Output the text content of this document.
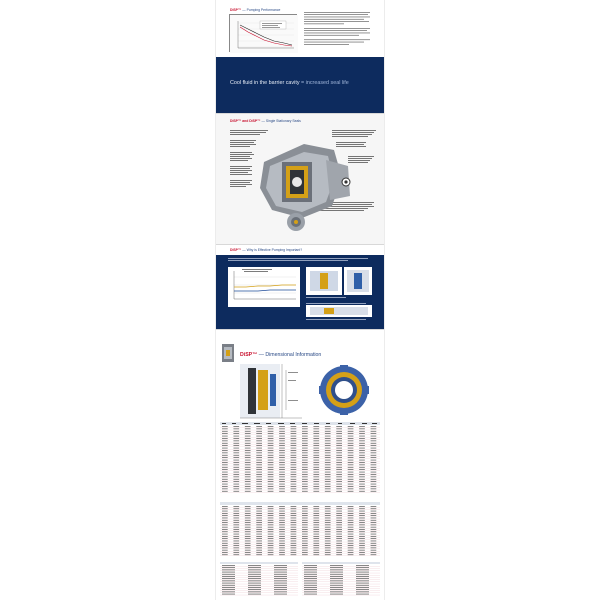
DiSP™ — Pumping Performance
Cool fluid in the barrier cavity = increased seal life
DiSP™ and DiSP™ — Single Stationary Seals
DiSP™ — Why is Effective Pumping Important?
DiSP™ — Dimensional Information
